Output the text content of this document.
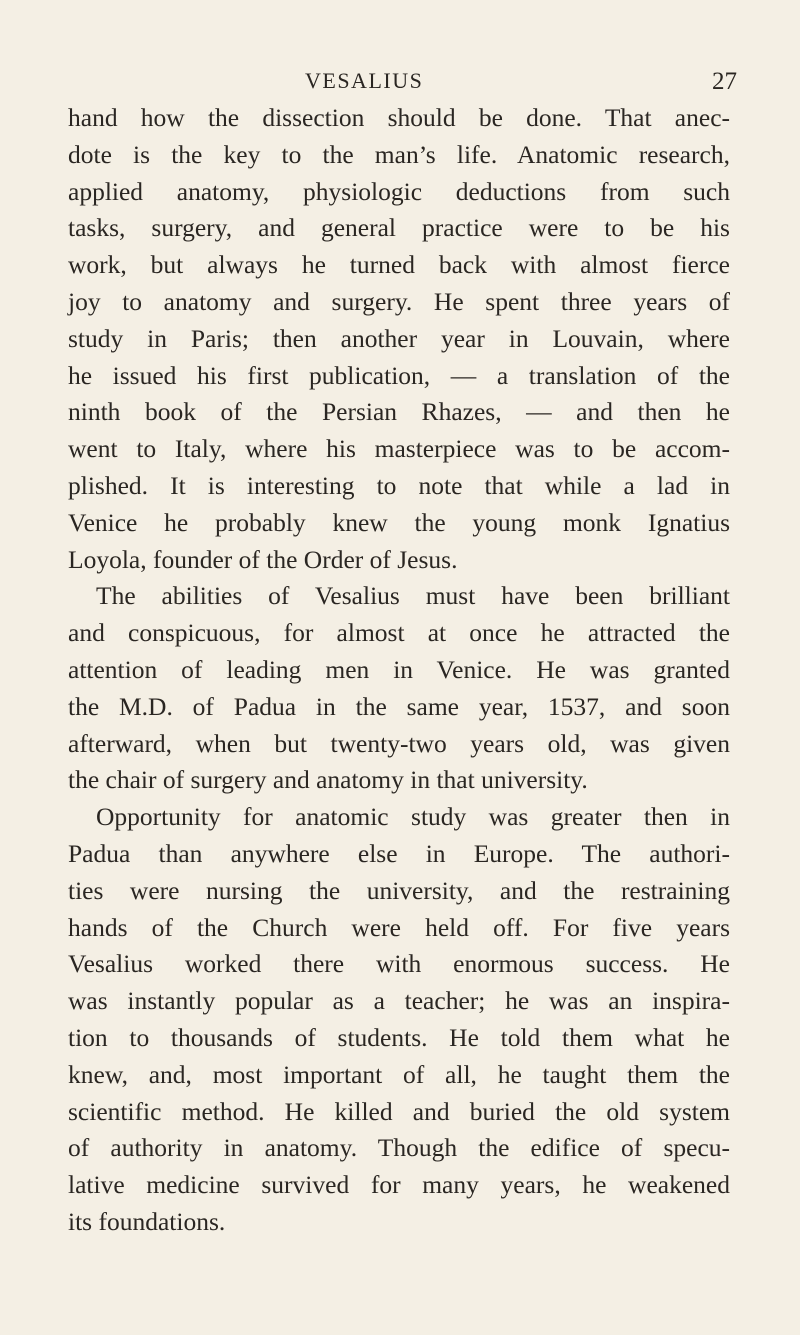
VESALIUS	27
hand how the dissection should be done. That anec-
dote is the key to the man’s life. Anatomic research,
applied anatomy, physiologic deductions from such
tasks, surgery, and general practice were to be his
work, but always he turned back with almost fierce
joy to anatomy and surgery. He spent three years of
study in Paris; then another year in Louvain, where
he issued his first publication, — a translation of the
ninth book of the Persian Rhazes, — and then he
went to Italy, where his masterpiece was to be accom-
plished. It is interesting to note that while a lad in
Venice he probably knew the young monk Ignatius
Loyola, founder of the Order of Jesus.
The abilities of Vesalius must have been brilliant
and conspicuous, for almost at once he attracted the
attention of leading men in Venice. He was granted
the M.D. of Padua in the same year, 1537, and soon
afterward, when but twenty-two years old, was given
the chair of surgery and anatomy in that university.
Opportunity for anatomic study was greater then in
Padua than anywhere else in Europe. The authori-
ties were nursing the university, and the restraining
hands of the Church were held off. For five years
Vesalius worked there with enormous success. He
was instantly popular as a teacher; he was an inspira-
tion to thousands of students. He told them what he
knew, and, most important of all, he taught them the
scientific method. He killed and buried the old system
of authority in anatomy. Though the edifice of specu-
lative medicine survived for many years, he weakened
its foundations.
